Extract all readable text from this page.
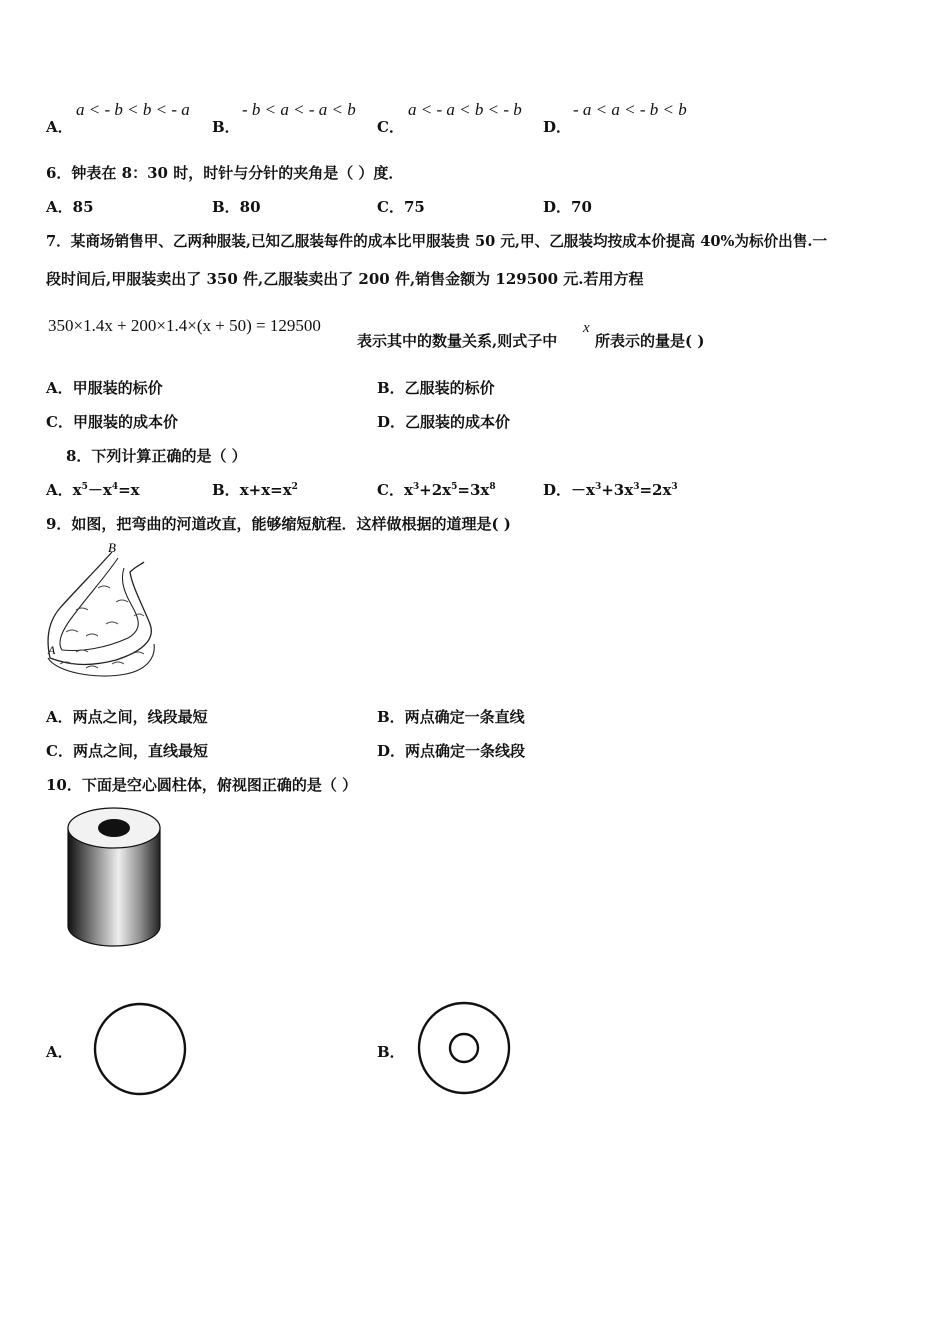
A．
a < - b < b < - a
B．
- b < a < - a < b
C．
a < - a < b < - b
D．
- a < a < - b < b
6．钟表在 8：30 时，时针与分针的夹角是（ ）度．
A．85	B．80	C．75	D．70
7．某商场销售甲、乙两种服装,已知乙服装每件的成本比甲服装贵 50 元,甲、乙服装均按成本价提高 40%为标价出售.一
段时间后,甲服装卖出了 350 件,乙服装卖出了 200 件,销售金额为 129500 元.若用方程
350×1.4x + 200×1.4×(x + 50) = 129500
表示其中的数量关系,则式子中
x
所表示的量是( )
A．甲服装的标价	B．乙服装的标价
C．甲服装的成本价	D．乙服装的成本价
8．下列计算正确的是（ ）
A．$x^5-x^4=x$	B．$x+x=x^2$	C．$x^3+2x^5=3x^8$	D．$-x^3+3x^3=2x^3$
9．如图，把弯曲的河道改直，能够缩短航程．这样做根据的道理是( )
B
A
A．两点之间，线段最短	B．两点确定一条直线
C．两点之间，直线最短	D．两点确定一条线段
10．下面是空心圆柱体，俯视图正确的是（ ）
A．	B．
